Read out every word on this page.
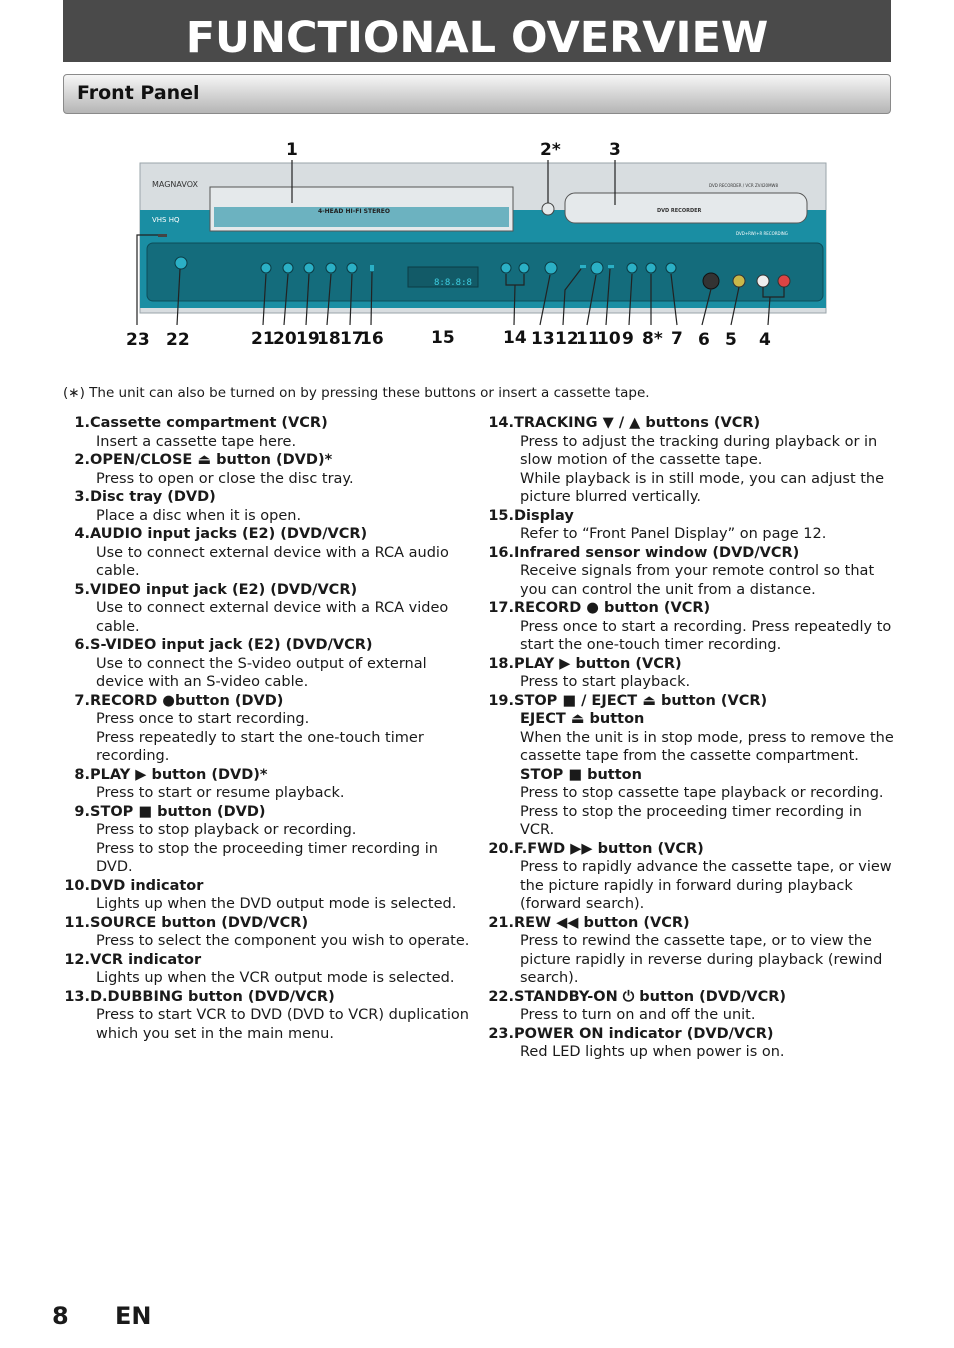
FUNCTIONAL OVERVIEW
Front Panel
MAGNAVOX
VHS HQ
4-HEAD HI-FI STEREO	DVD RECORDER
DVD RECORDER / VCR ZV420MW8
DVD+RW/+R RECORDING
8:8.8:8
1	2*	3
23 22	21
20 19
18 17
16	15	14 13 12
11
10 9 8* 7 6 5 4
(∗) The unit can also be turned on by pressing these buttons or insert a cassette tape.
1. Cassette compartment (VCR)
Insert a cassette tape here.
2. OPEN/CLOSE ⏏ button (DVD)*
Press to open or close the disc tray.
3. Disc tray (DVD)
Place a disc when it is open.
4. AUDIO input jacks (E2) (DVD/VCR)
Use to connect external device with a RCA audio cable.
5. VIDEO input jack (E2) (DVD/VCR)
Use to connect external device with a RCA video cable.
6. S-VIDEO input jack (E2) (DVD/VCR)
Use to connect the S-video output of external device with an S-video cable.
7. RECORD ●button (DVD)
Press once to start recording.
Press repeatedly to start the one-touch timer recording.
8. PLAY ▶ button (DVD)*
Press to start or resume playback.
9. STOP ■ button (DVD)
Press to stop playback or recording.
Press to stop the proceeding timer recording in DVD.
10. DVD indicator
Lights up when the DVD output mode is selected.
11. SOURCE button (DVD/VCR)
Press to select the component you wish to operate.
12. VCR indicator
Lights up when the VCR output mode is selected.
13. D.DUBBING button (DVD/VCR)
Press to start VCR to DVD (DVD to VCR) duplication which you set in the main menu.
14. TRACKING ▼ / ▲ buttons (VCR)
Press to adjust the tracking during playback or in slow motion of the cassette tape.
While playback is in still mode, you can adjust the picture blurred vertically.
15. Display
Refer to “Front Panel Display” on page 12.
16. Infrared sensor window (DVD/VCR)
Receive signals from your remote control so that you can control the unit from a distance.
17. RECORD ● button (VCR)
Press once to start a recording. Press repeatedly to start the one-touch timer recording.
18. PLAY ▶ button (VCR)
Press to start playback.
19. STOP ■ / EJECT ⏏ button (VCR)
EJECT ⏏ button
When the unit is in stop mode, press to remove the cassette tape from the cassette compartment.
STOP ■ button
Press to stop cassette tape playback or recording.
Press to stop the proceeding timer recording in VCR.
20. F.FWD ▶▶ button (VCR)
Press to rapidly advance the cassette tape, or view the picture rapidly in forward during playback (forward search).
21. REW ◀◀ button (VCR)
Press to rewind the cassette tape, or to view the picture rapidly in reverse during playback (rewind search).
22. STANDBY-ON ⏻ button (DVD/VCR)
Press to turn on and off the unit.
23. POWER ON indicator (DVD/VCR)
Red LED lights up when power is on.
8 EN
